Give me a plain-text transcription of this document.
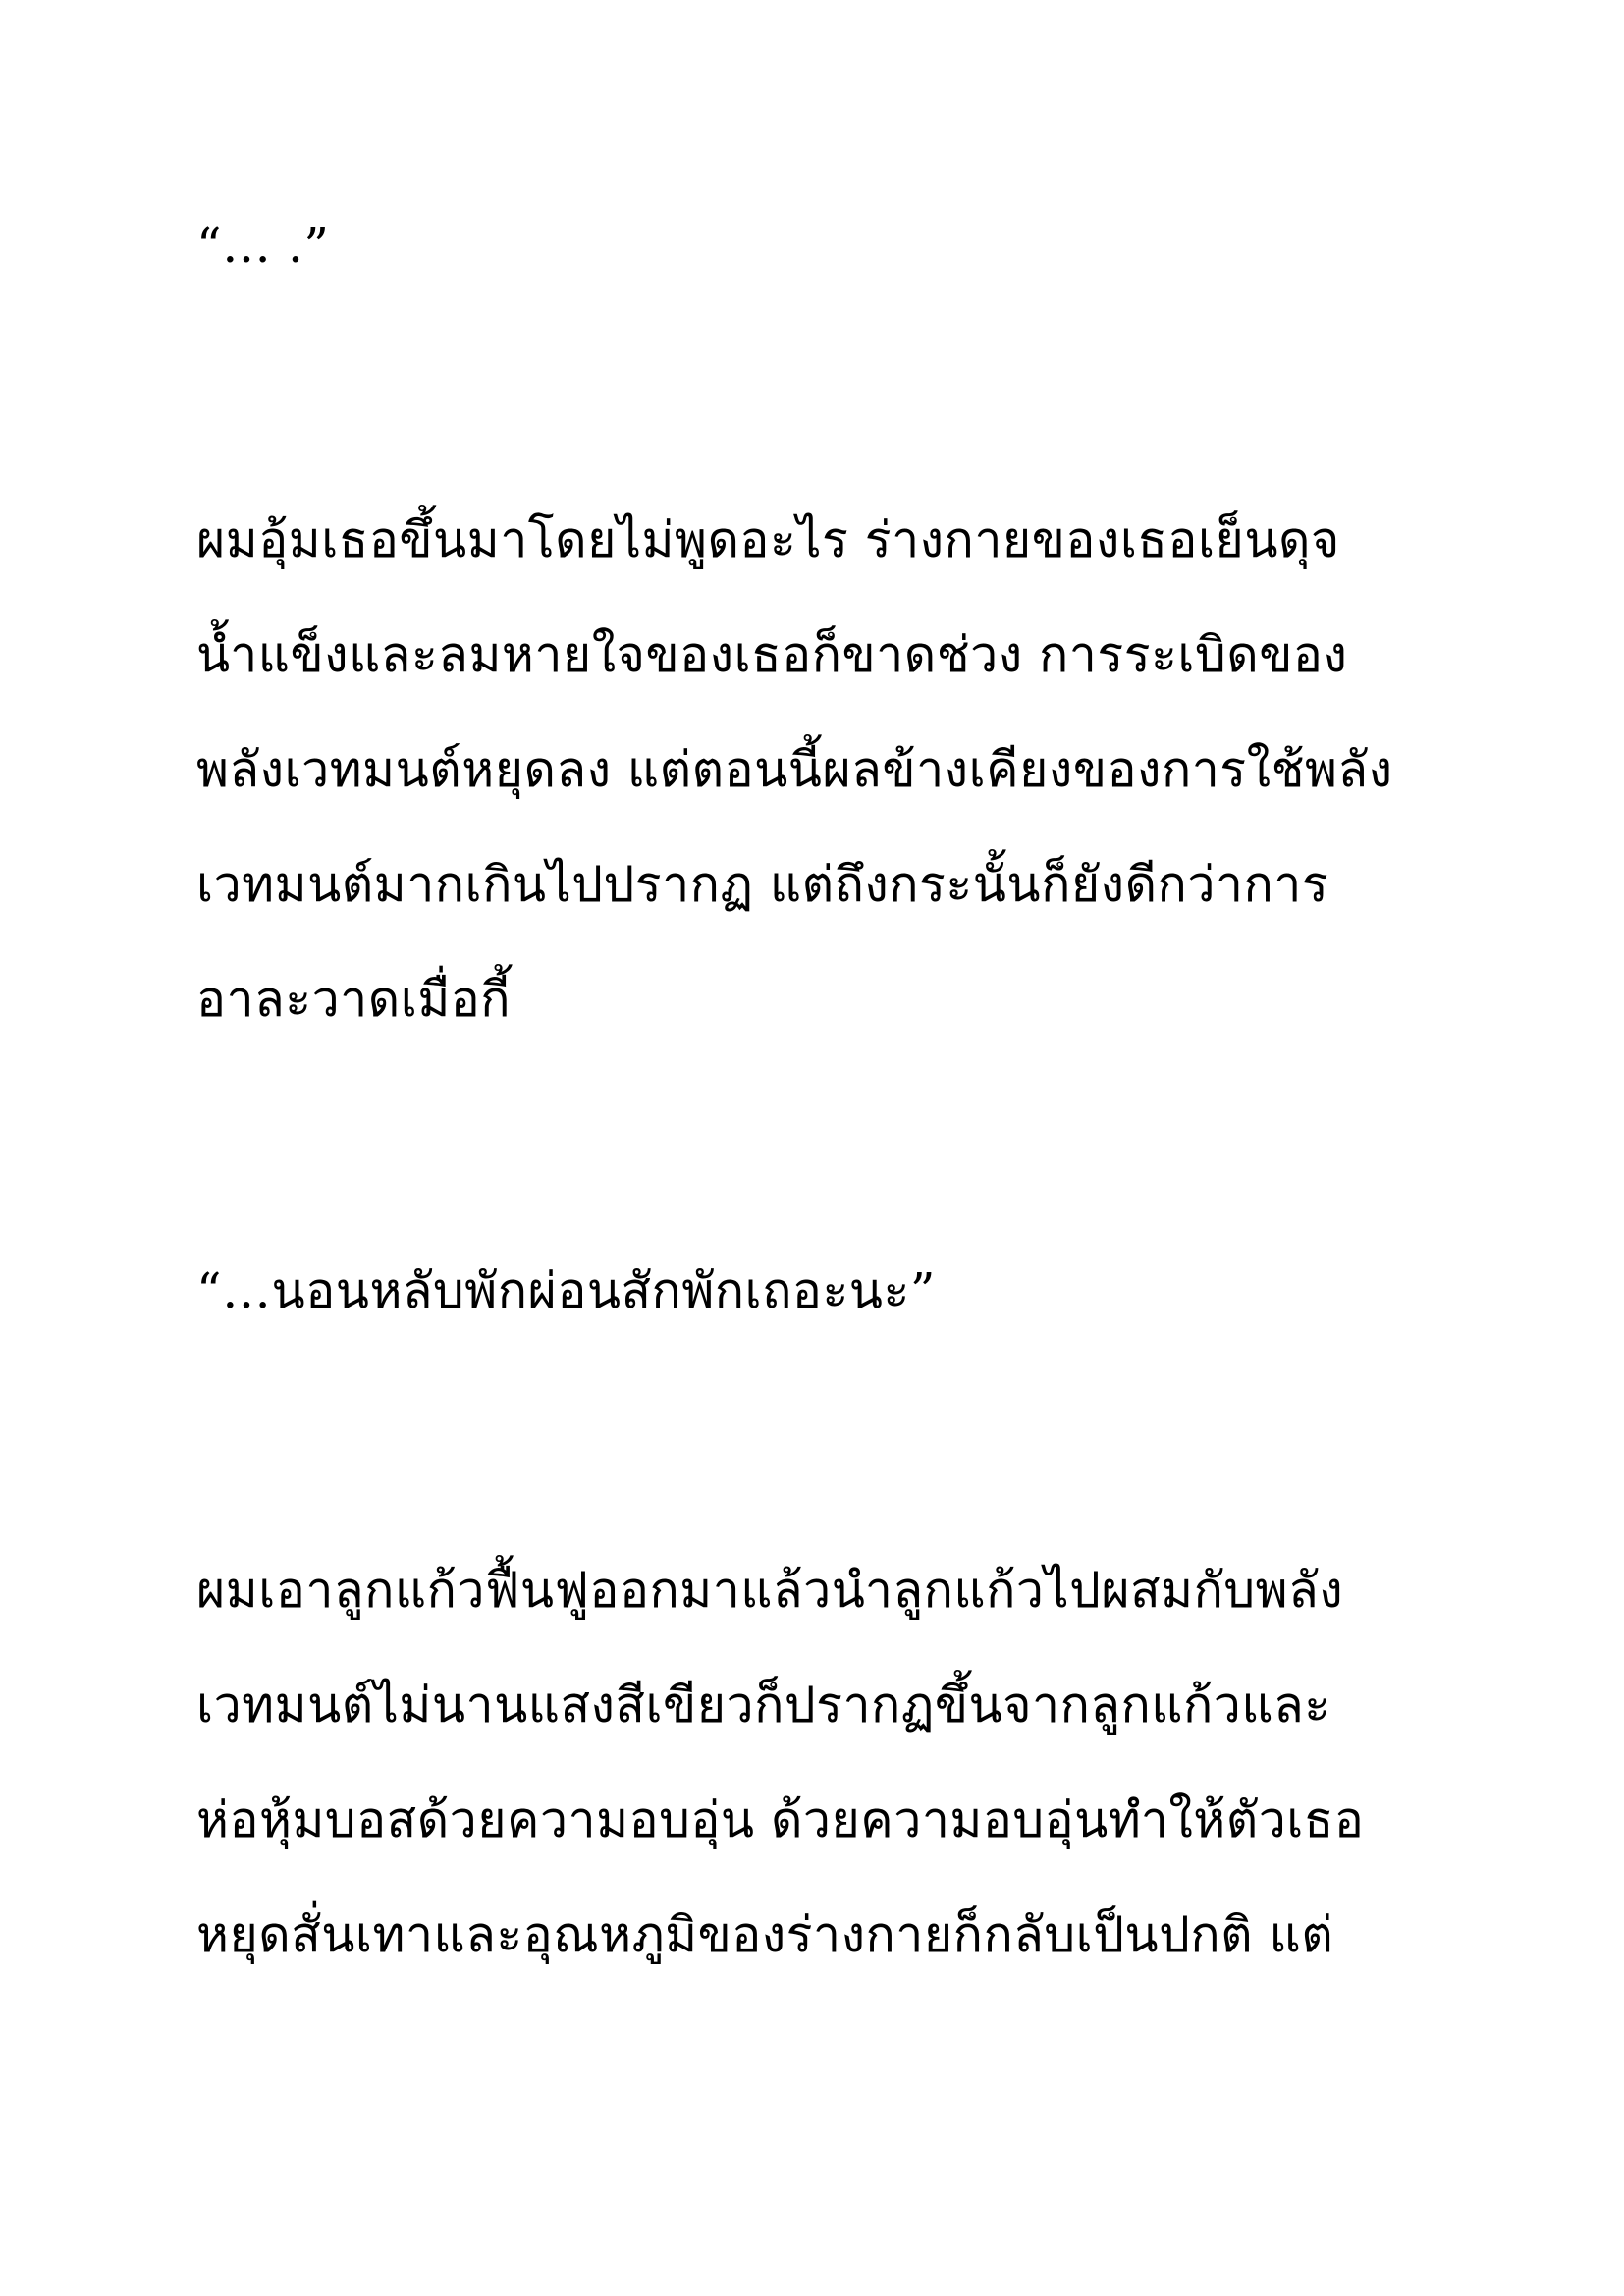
“… .”
ผมอุ้มเธอขึ้นมาโดยไม่พูดอะไร ร่างกายของเธอเย็นดุจ
น้ำแข็งและลมหายใจของเธอก็ขาดช่วง การระเบิดของ
พลังเวทมนต์หยุดลง แต่ตอนนี้ผลข้างเคียงของการใช้พลัง
เวทมนต์มากเกินไปปรากฏ แต่ถึงกระนั้นก็ยังดีกว่าการ
อาละวาดเมื่อกี้
“…นอนหลับพักผ่อนสักพักเถอะนะ”
ผมเอาลูกแก้วฟื้นฟูออกมาแล้วนำลูกแก้วไปผสมกับพลัง
เวทมนต์ไม่นานแสงสีเขียวก็ปรากฏขึ้นจากลูกแก้วและ
ห่อหุ้มบอสด้วยความอบอุ่น ด้วยความอบอุ่นทำให้ตัวเธอ
หยุดสั่นเทาและอุณหภูมิของร่างกายก็กลับเป็นปกติ แต่
